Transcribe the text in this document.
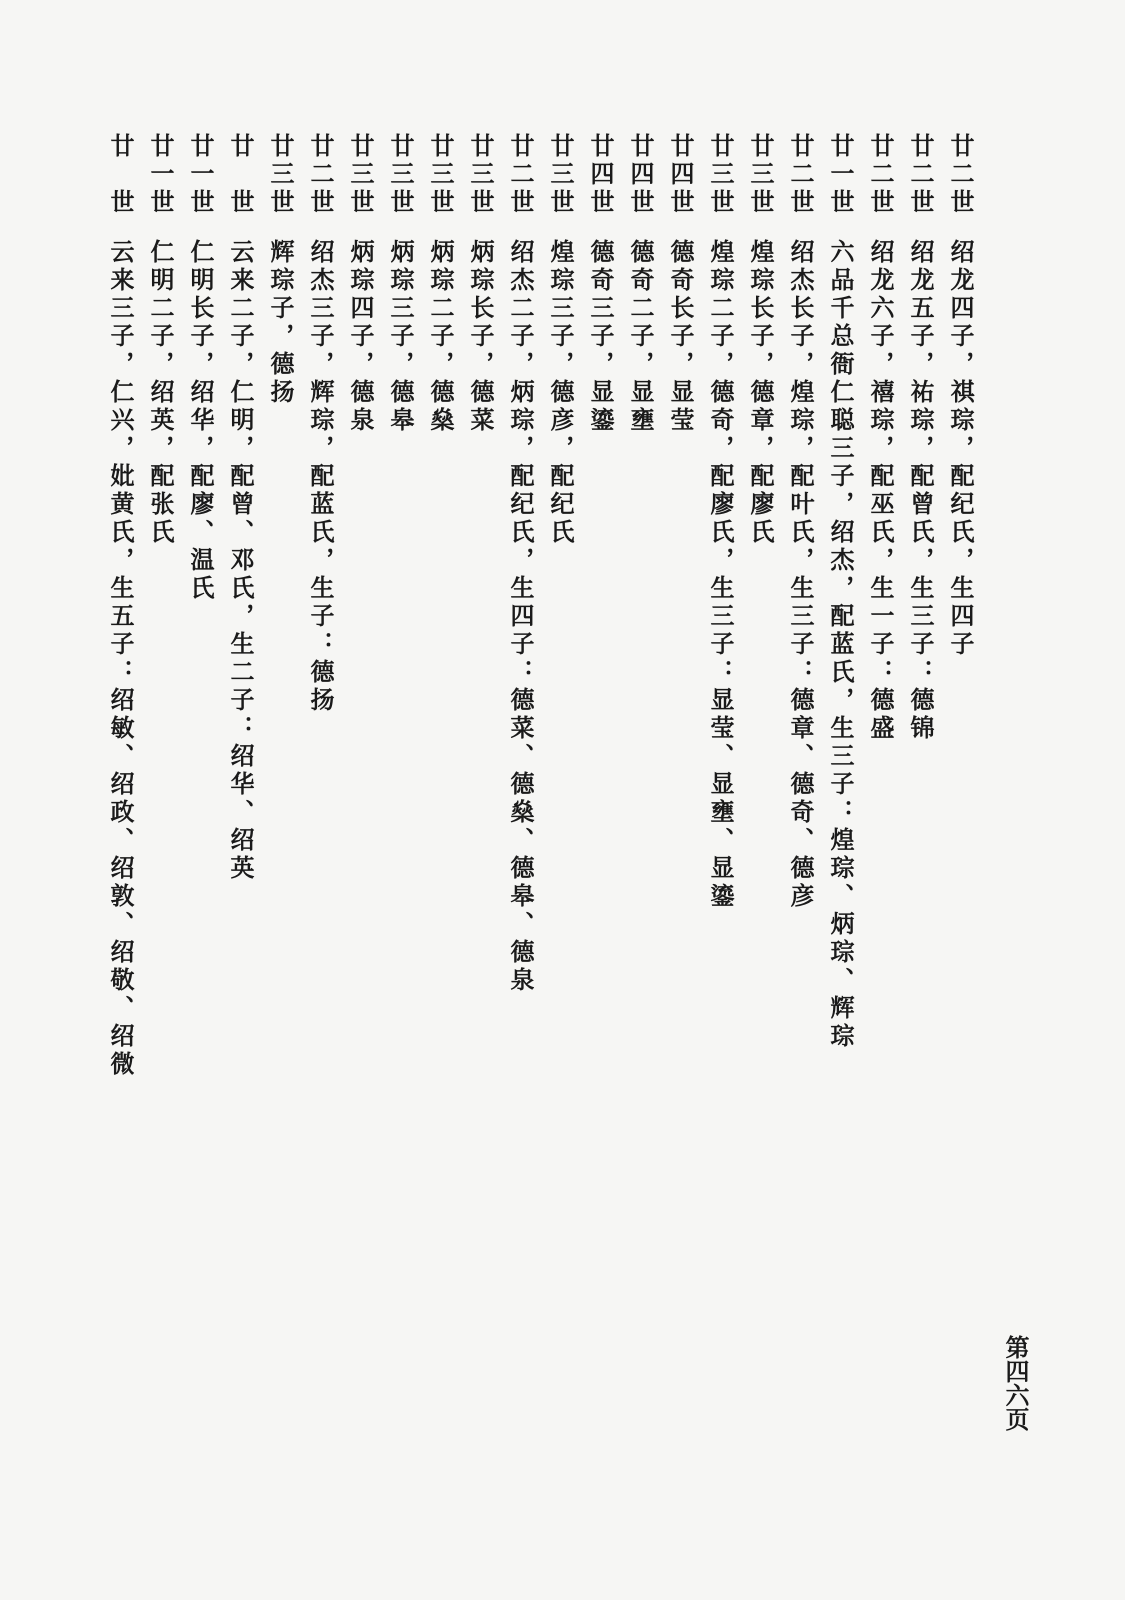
廿二世绍龙四子，祺琮，配纪氏，生四子
廿二世绍龙五子，祐琮，配曾氏，生三子：德锦
廿二世绍龙六子，禧琮，配巫氏，生一子：德盛
廿一世六品千总衙仁聪三子，绍杰，配蓝氏，生三子：煌琮、炳琮、辉琮
廿二世绍杰长子，煌琮，配叶氏，生三子：德章、德奇、德彦
廿三世煌琮长子，德章，配廖氏
廿三世煌琮二子，德奇，配廖氏，生三子：显莹、显壅、显鎏
廿四世德奇长子，显莹
廿四世德奇二子，显壅
廿四世德奇三子，显鎏
廿三世煌琮三子，德彦，配纪氏
廿二世绍杰二子，炳琮，配纪氏，生四子：德菜、德燊、德皋、德泉
廿三世炳琮长子，德菜
廿三世炳琮二子，德燊
廿三世炳琮三子，德皋
廿三世炳琮四子，德泉
廿二世绍杰三子，辉琮，配蓝氏，生子：德扬
廿三世辉琮子，德扬
廿　世云来二子，仁明，配曾、邓氏，生二子：绍华、绍英
廿一世仁明长子，绍华，配廖、温氏
廿一世仁明二子，绍英，配张氏
廿　世云来三子，仁兴，妣黄氏，生五子：绍敏、绍政、绍敦、绍敬、绍微
第四六页
